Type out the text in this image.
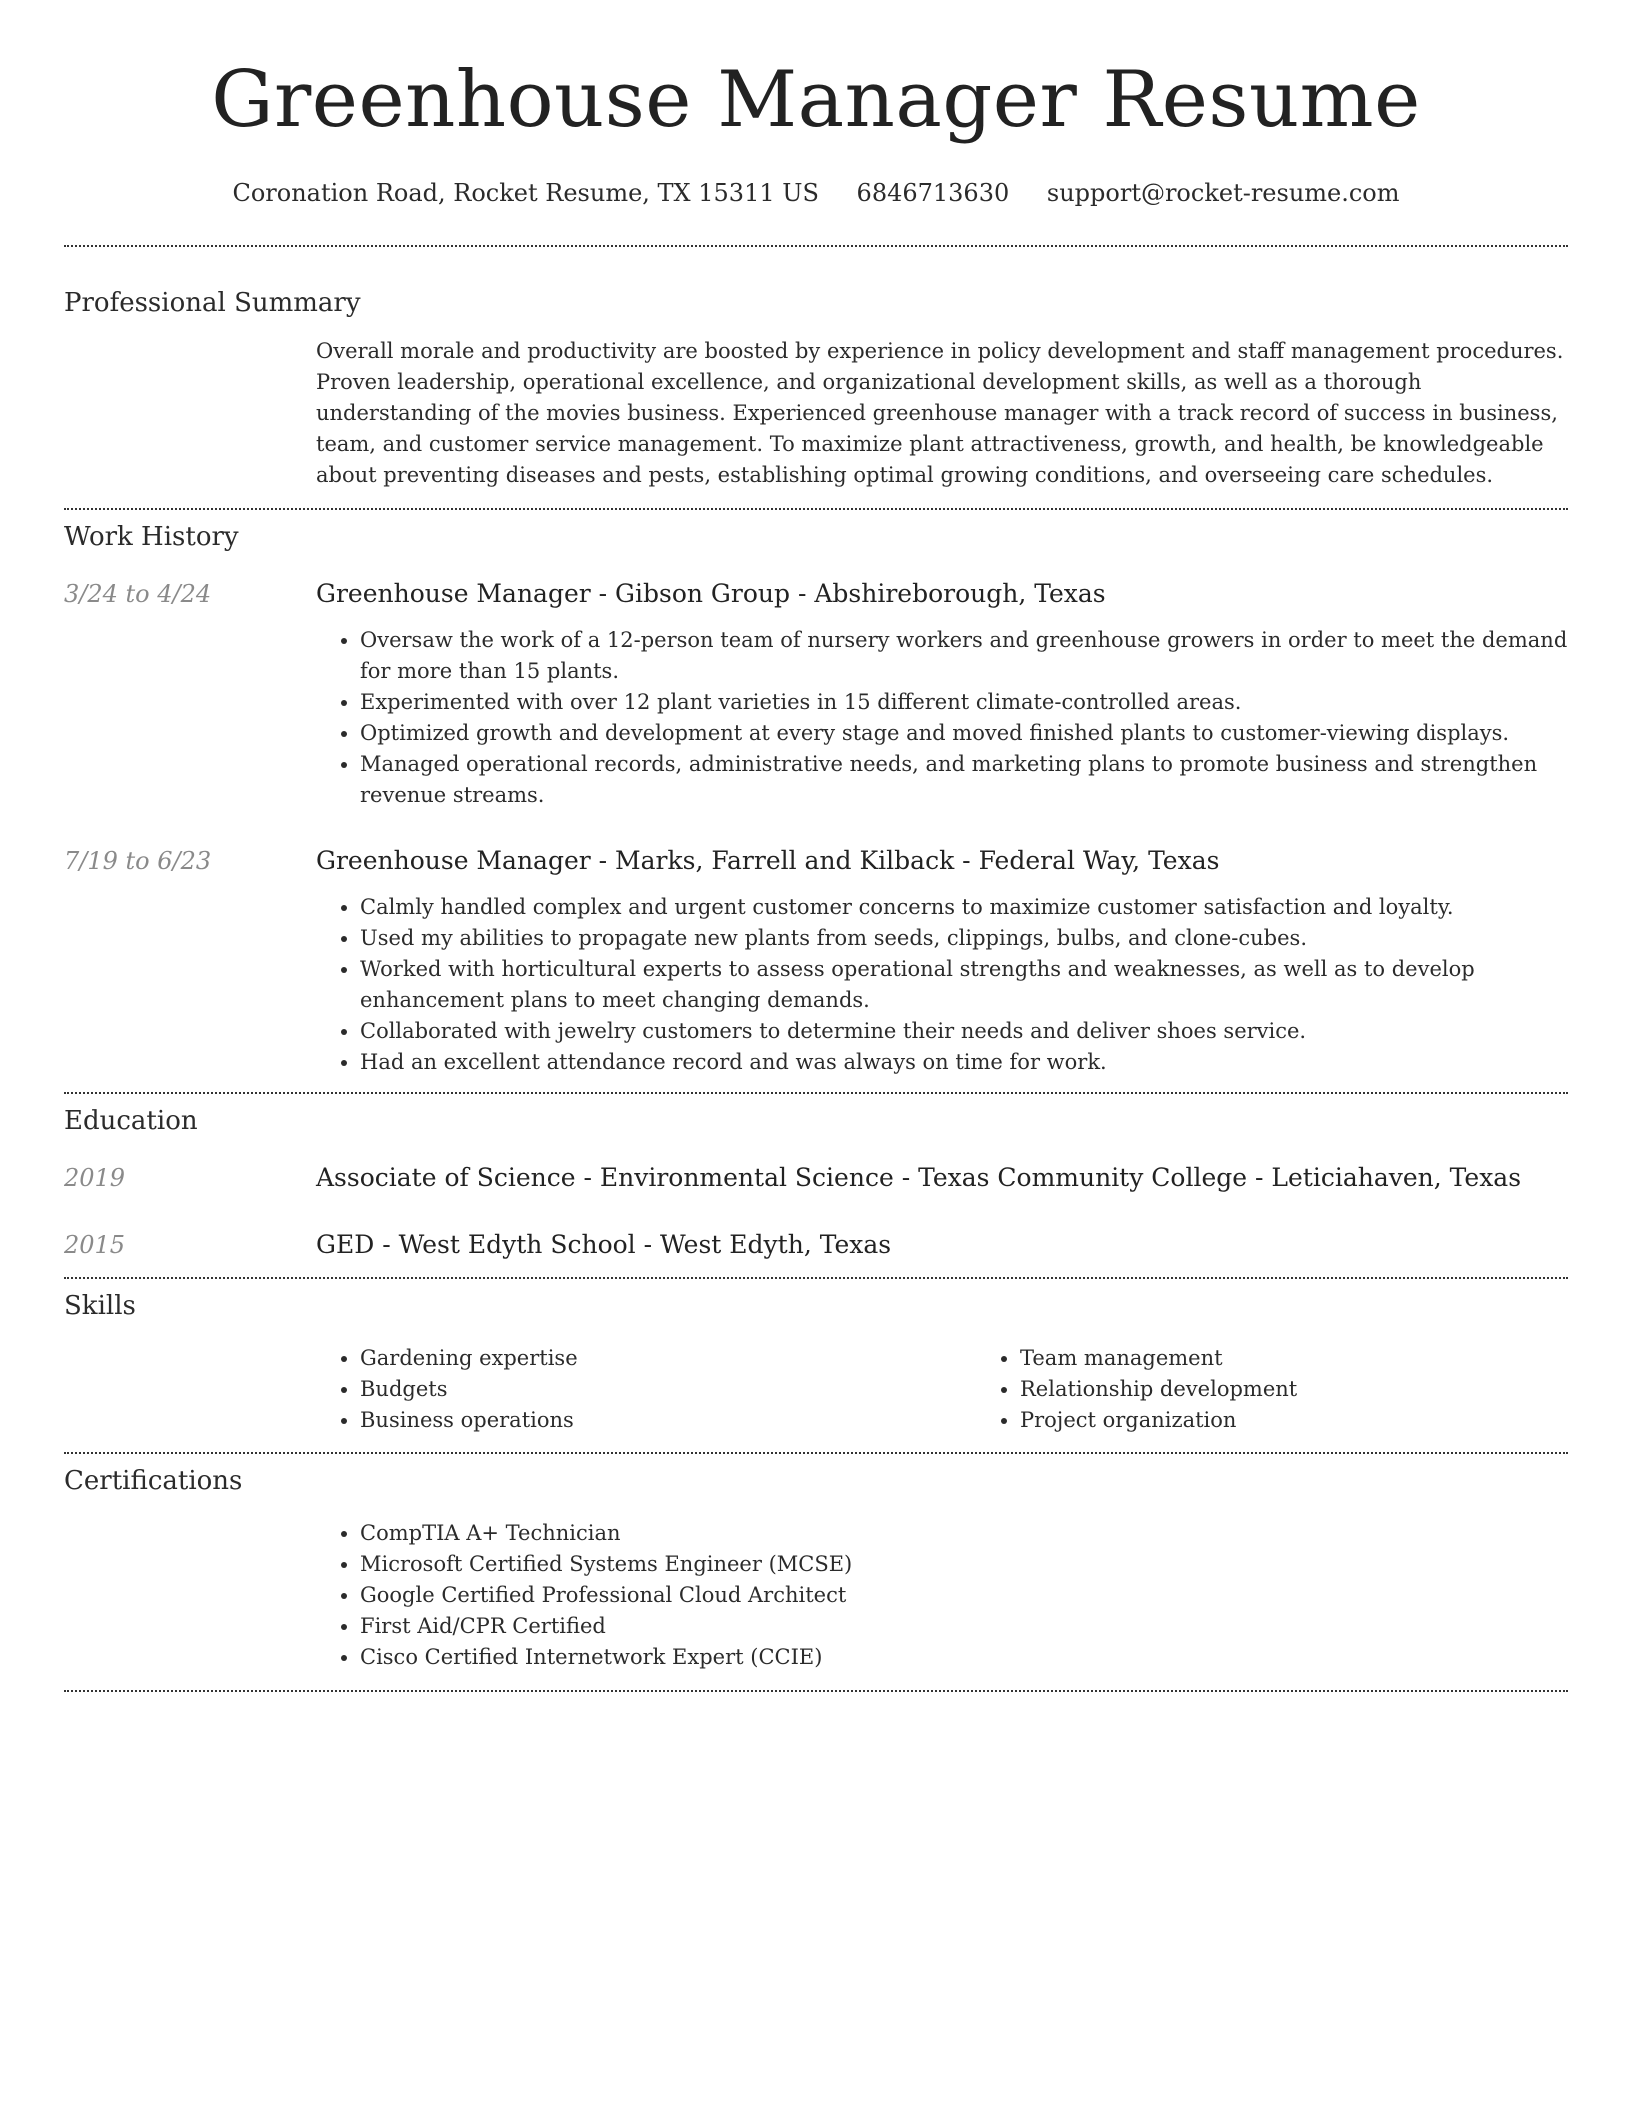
Greenhouse Manager Resume
Coronation Road, Rocket Resume, TX 15311 US 6846713630 support@rocket-resume.com
Professional Summary
Overall morale and productivity are boosted by experience in policy development and staff management procedures. Proven leadership, operational excellence, and organizational development skills, as well as a thorough understanding of the movies business. Experienced greenhouse manager with a track record of success in business, team, and customer service management. To maximize plant attractiveness, growth, and health, be knowledgeable about preventing diseases and pests, establishing optimal growing conditions, and overseeing care schedules.
Work History
3/24 to 4/24	Greenhouse Manager - Gibson Group - Abshireborough, Texas
• Oversaw the work of a 12-person team of nursery workers and greenhouse growers in order to meet the demand for more than 15 plants.
• Experimented with over 12 plant varieties in 15 different climate-controlled areas.
• Optimized growth and development at every stage and moved finished plants to customer-viewing displays.
• Managed operational records, administrative needs, and marketing plans to promote business and strengthen revenue streams.
7/19 to 6/23	Greenhouse Manager - Marks, Farrell and Kilback - Federal Way, Texas
• Calmly handled complex and urgent customer concerns to maximize customer satisfaction and loyalty.
• Used my abilities to propagate new plants from seeds, clippings, bulbs, and clone-cubes.
• Worked with horticultural experts to assess operational strengths and weaknesses, as well as to develop enhancement plans to meet changing demands.
• Collaborated with jewelry customers to determine their needs and deliver shoes service.
• Had an excellent attendance record and was always on time for work.
Education
2019	Associate of Science - Environmental Science - Texas Community College - Leticiahaven, Texas
2015	GED - West Edyth School - West Edyth, Texas
Skills
• Gardening expertise
• Budgets
• Business operations
• Team management
• Relationship development
• Project organization
Certifications
• CompTIA A+ Technician
• Microsoft Certified Systems Engineer (MCSE)
• Google Certified Professional Cloud Architect
• First Aid/CPR Certified
• Cisco Certified Internetwork Expert (CCIE)
